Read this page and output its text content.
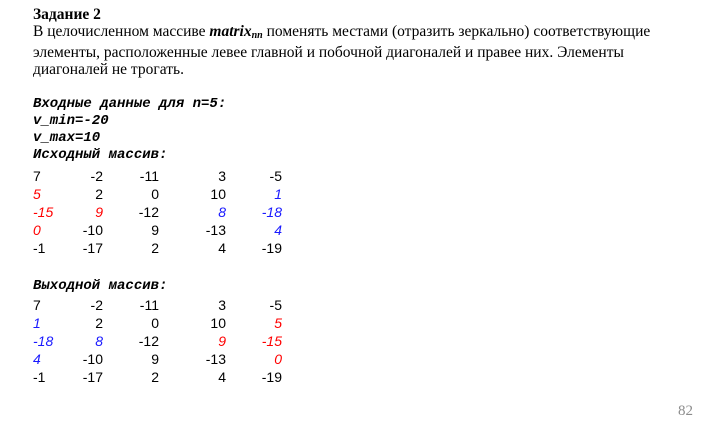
Задание 2

В целочисленном массиве matrixnn поменять местами (отразить зеркально) соответствующие элементы, расположенные левее главной и побочной диагоналей и правее них. Элементы диагоналей не трогать.

Входные данные для n=5:
v_min=-20
v_max=10
Исходный массив:
7	-2	-11	3	-5
5	2	0	10	1
-15	9	-12	8	-18
0	-10	9	-13	4
-1	-17	2	4	-19
Выходной массив:
7	-2	-11	3	-5
1	2	0	10	5
-18	8	-12	9	-15
4	-10	9	-13	0
-1	-17	2	4	-19
82
